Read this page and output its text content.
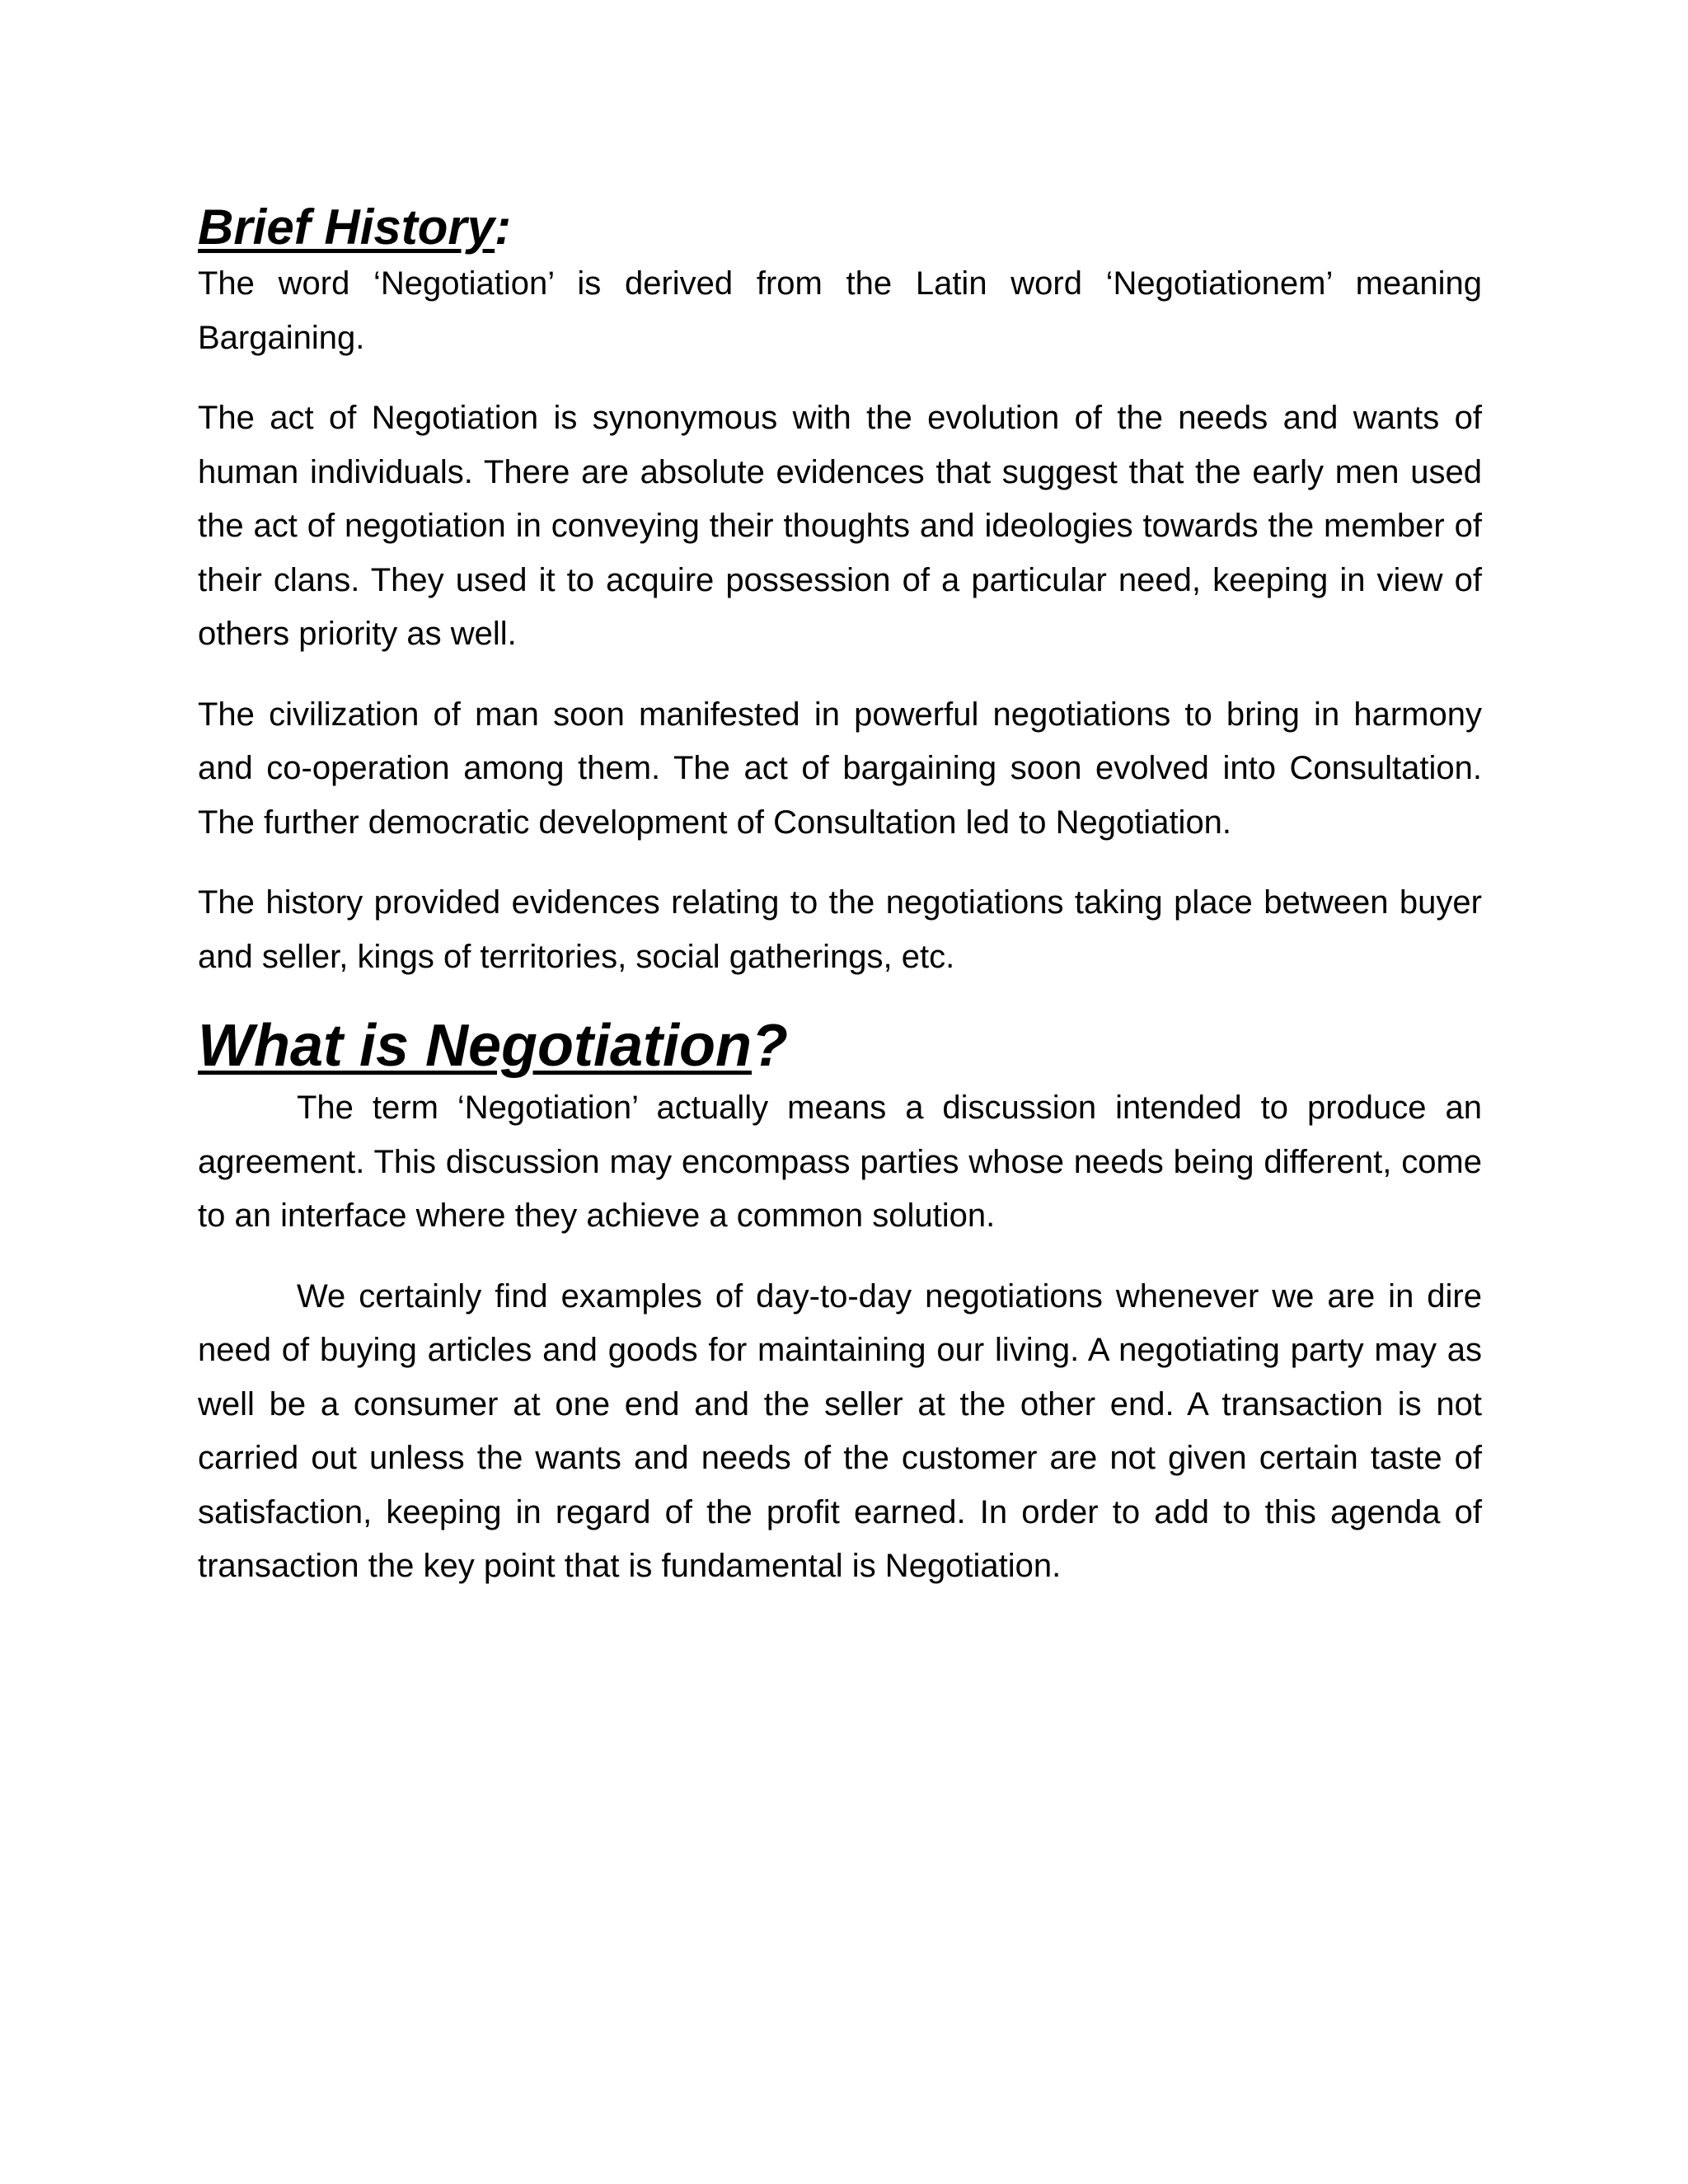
Brief History:

The word ‘Negotiation’ is derived from the Latin word ‘Negotiationem’ meaning Bargaining.

The act of Negotiation is synonymous with the evolution of the needs and wants of human individuals. There are absolute evidences that suggest that the early men used the act of negotiation in conveying their thoughts and ideologies towards the member of their clans. They used it to acquire possession of a particular need, keeping in view of others priority as well.

The civilization of man soon manifested in powerful negotiations to bring in harmony and co-operation among them. The act of bargaining soon evolved into Consultation. The further democratic development of Consultation led to Negotiation.

The history provided evidences relating to the negotiations taking place between buyer and seller, kings of territories, social gatherings, etc.

What is Negotiation?

The term ‘Negotiation’ actually means a discussion intended to produce an agreement. This discussion may encompass parties whose needs being different, come to an interface where they achieve a common solution.

We certainly find examples of day-to-day negotiations whenever we are in dire need of buying articles and goods for maintaining our living. A negotiating party may as well be a consumer at one end and the seller at the other end. A transaction is not carried out unless the wants and needs of the customer are not given certain taste of satisfaction, keeping in regard of the profit earned. In order to add to this agenda of transaction the key point that is fundamental is Negotiation.
